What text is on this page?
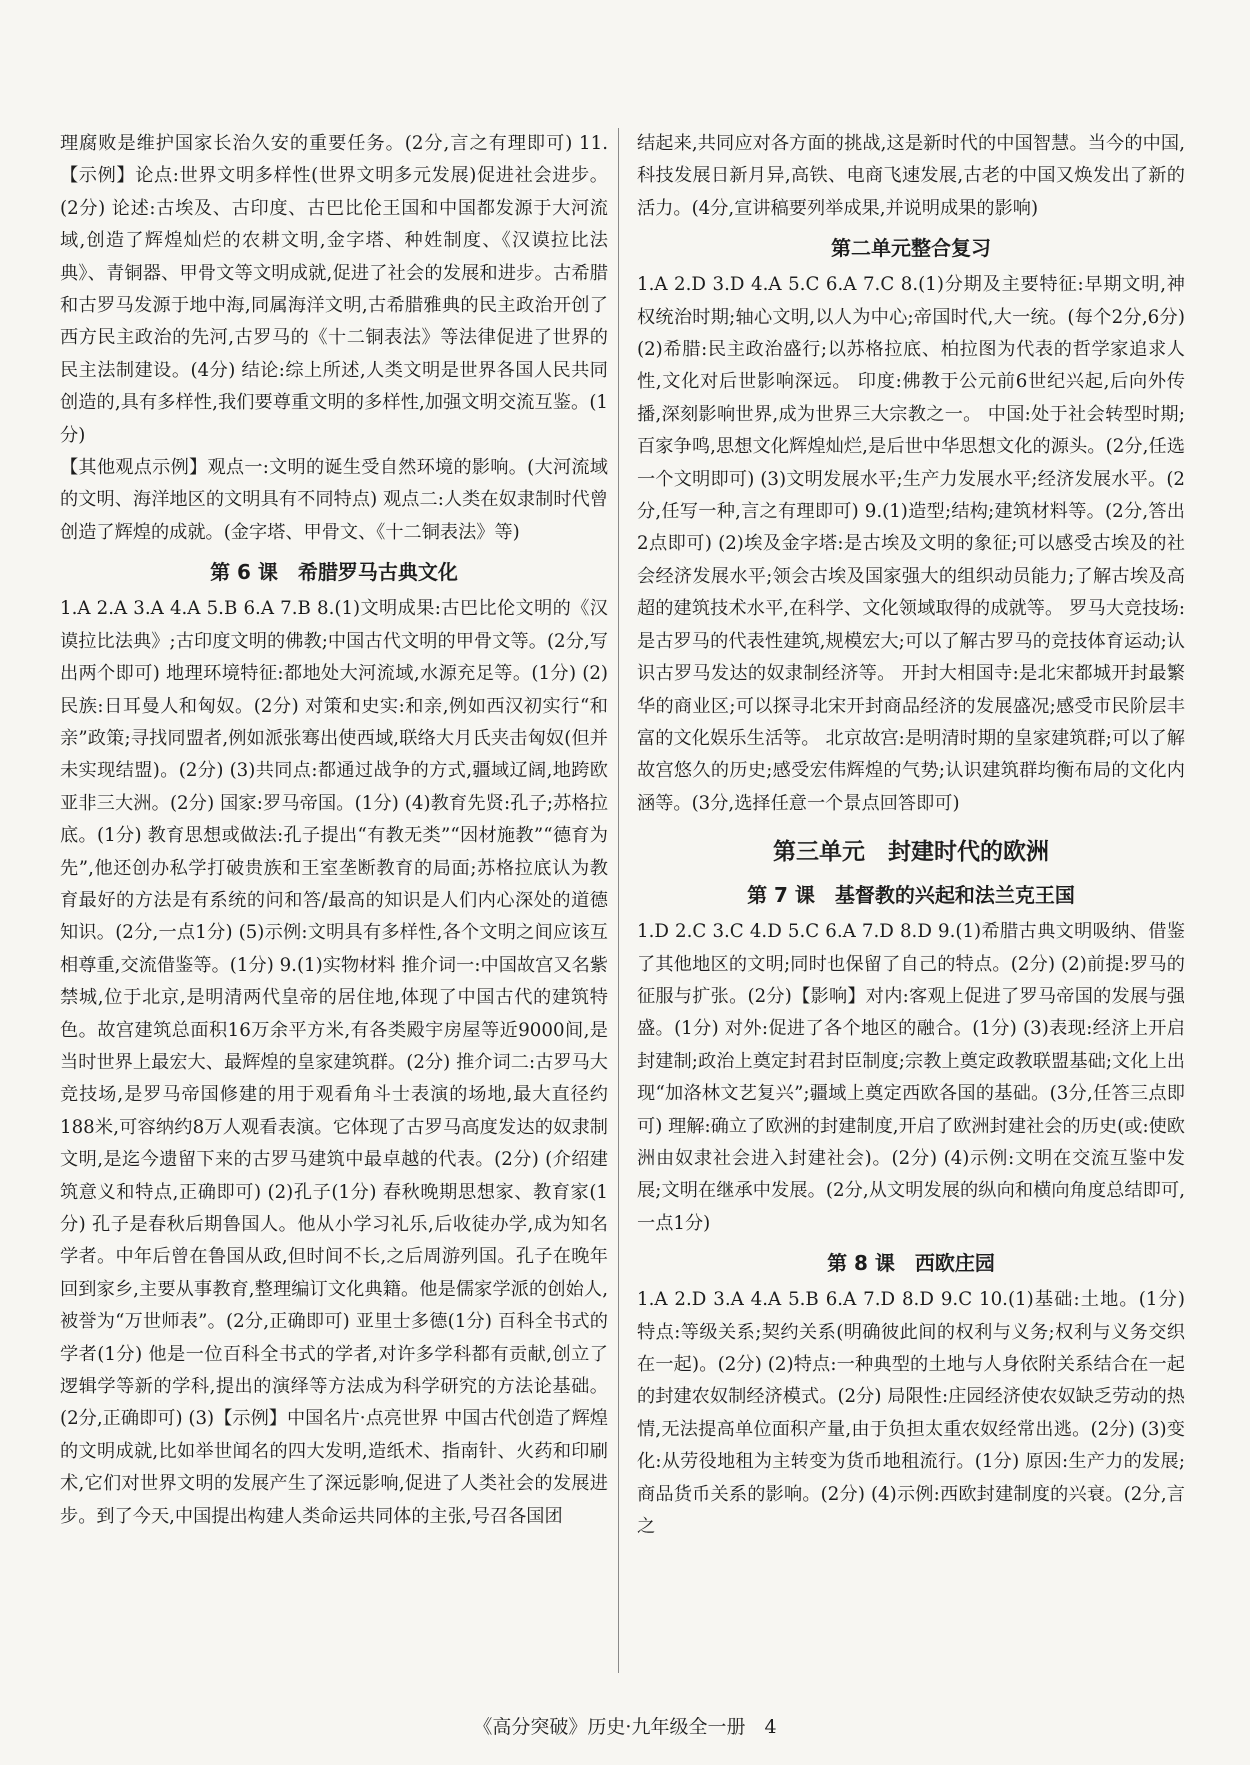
理腐败是维护国家长治久安的重要任务。(2分,言之有理即可) 11.【示例】论点:世界文明多样性(世界文明多元发展)促进社会进步。(2分) 论述:古埃及、古印度、古巴比伦王国和中国都发源于大河流域,创造了辉煌灿烂的农耕文明,金字塔、种姓制度、《汉谟拉比法典》、青铜器、甲骨文等文明成就,促进了社会的发展和进步。古希腊和古罗马发源于地中海,同属海洋文明,古希腊雅典的民主政治开创了西方民主政治的先河,古罗马的《十二铜表法》等法律促进了世界的民主法制建设。(4分) 结论:综上所述,人类文明是世界各国人民共同创造的,具有多样性,我们要尊重文明的多样性,加强文明交流互鉴。(1分)

【其他观点示例】观点一:文明的诞生受自然环境的影响。(大河流域的文明、海洋地区的文明具有不同特点) 观点二:人类在奴隶制时代曾创造了辉煌的成就。(金字塔、甲骨文、《十二铜表法》等)

第 6 课　希腊罗马古典文化

1.A 2.A 3.A 4.A 5.B 6.A 7.B 8.(1)文明成果:古巴比伦文明的《汉谟拉比法典》;古印度文明的佛教;中国古代文明的甲骨文等。(2分,写出两个即可) 地理环境特征:都地处大河流域,水源充足等。(1分) (2)民族:日耳曼人和匈奴。(2分) 对策和史实:和亲,例如西汉初实行“和亲”政策;寻找同盟者,例如派张骞出使西域,联络大月氏夹击匈奴(但并未实现结盟)。(2分) (3)共同点:都通过战争的方式,疆域辽阔,地跨欧亚非三大洲。(2分) 国家:罗马帝国。(1分) (4)教育先贤:孔子;苏格拉底。(1分) 教育思想或做法:孔子提出“有教无类”“因材施教”“德育为先”,他还创办私学打破贵族和王室垄断教育的局面;苏格拉底认为教育最好的方法是有系统的问和答/最高的知识是人们内心深处的道德知识。(2分,一点1分) (5)示例:文明具有多样性,各个文明之间应该互相尊重,交流借鉴等。(1分) 9.(1)实物材料 推介词一:中国故宫又名紫禁城,位于北京,是明清两代皇帝的居住地,体现了中国古代的建筑特色。故宫建筑总面积16万余平方米,有各类殿宇房屋等近9000间,是当时世界上最宏大、最辉煌的皇家建筑群。(2分) 推介词二:古罗马大竞技场,是罗马帝国修建的用于观看角斗士表演的场地,最大直径约188米,可容纳约8万人观看表演。它体现了古罗马高度发达的奴隶制文明,是迄今遗留下来的古罗马建筑中最卓越的代表。(2分) (介绍建筑意义和特点,正确即可) (2)孔子(1分) 春秋晚期思想家、教育家(1分) 孔子是春秋后期鲁国人。他从小学习礼乐,后收徒办学,成为知名学者。中年后曾在鲁国从政,但时间不长,之后周游列国。孔子在晚年回到家乡,主要从事教育,整理编订文化典籍。他是儒家学派的创始人,被誉为“万世师表”。(2分,正确即可) 亚里士多德(1分) 百科全书式的学者(1分) 他是一位百科全书式的学者,对许多学科都有贡献,创立了逻辑学等新的学科,提出的演绎等方法成为科学研究的方法论基础。(2分,正确即可) (3)【示例】中国名片·点亮世界 中国古代创造了辉煌的文明成就,比如举世闻名的四大发明,造纸术、指南针、火药和印刷术,它们对世界文明的发展产生了深远影响,促进了人类社会的发展进步。到了今天,中国提出构建人类命运共同体的主张,号召各国团

结起来,共同应对各方面的挑战,这是新时代的中国智慧。当今的中国,科技发展日新月异,高铁、电商飞速发展,古老的中国又焕发出了新的活力。(4分,宣讲稿要列举成果,并说明成果的影响)

第二单元整合复习

1.A 2.D 3.D 4.A 5.C 6.A 7.C 8.(1)分期及主要特征:早期文明,神权统治时期;轴心文明,以人为中心;帝国时代,大一统。(每个2分,6分) (2)希腊:民主政治盛行;以苏格拉底、柏拉图为代表的哲学家追求人性,文化对后世影响深远。 印度:佛教于公元前6世纪兴起,后向外传播,深刻影响世界,成为世界三大宗教之一。 中国:处于社会转型时期;百家争鸣,思想文化辉煌灿烂,是后世中华思想文化的源头。(2分,任选一个文明即可) (3)文明发展水平;生产力发展水平;经济发展水平。(2分,任写一种,言之有理即可) 9.(1)造型;结构;建筑材料等。(2分,答出2点即可) (2)埃及金字塔:是古埃及文明的象征;可以感受古埃及的社会经济发展水平;领会古埃及国家强大的组织动员能力;了解古埃及高超的建筑技术水平,在科学、文化领域取得的成就等。 罗马大竞技场:是古罗马的代表性建筑,规模宏大;可以了解古罗马的竞技体育运动;认识古罗马发达的奴隶制经济等。 开封大相国寺:是北宋都城开封最繁华的商业区;可以探寻北宋开封商品经济的发展盛况;感受市民阶层丰富的文化娱乐生活等。 北京故宫:是明清时期的皇家建筑群;可以了解故宫悠久的历史;感受宏伟辉煌的气势;认识建筑群均衡布局的文化内涵等。(3分,选择任意一个景点回答即可)

第三单元　封建时代的欧洲
第 7 课　基督教的兴起和法兰克王国

1.D 2.C 3.C 4.D 5.C 6.A 7.D 8.D 9.(1)希腊古典文明吸纳、借鉴了其他地区的文明;同时也保留了自己的特点。(2分) (2)前提:罗马的征服与扩张。(2分)【影响】对内:客观上促进了罗马帝国的发展与强盛。(1分) 对外:促进了各个地区的融合。(1分) (3)表现:经济上开启封建制;政治上奠定封君封臣制度;宗教上奠定政教联盟基础;文化上出现“加洛林文艺复兴”;疆域上奠定西欧各国的基础。(3分,任答三点即可) 理解:确立了欧洲的封建制度,开启了欧洲封建社会的历史(或:使欧洲由奴隶社会进入封建社会)。(2分) (4)示例:文明在交流互鉴中发展;文明在继承中发展。(2分,从文明发展的纵向和横向角度总结即可,一点1分)

第 8 课　西欧庄园

1.A 2.D 3.A 4.A 5.B 6.A 7.D 8.D 9.C 10.(1)基础:土地。(1分) 特点:等级关系;契约关系(明确彼此间的权利与义务;权利与义务交织在一起)。(2分) (2)特点:一种典型的土地与人身依附关系结合在一起的封建农奴制经济模式。(2分) 局限性:庄园经济使农奴缺乏劳动的热情,无法提高单位面积产量,由于负担太重农奴经常出逃。(2分) (3)变化:从劳役地租为主转变为货币地租流行。(1分) 原因:生产力的发展;商品货币关系的影响。(2分) (4)示例:西欧封建制度的兴衰。(2分,言之

《高分突破》历史·九年级全一册　4
